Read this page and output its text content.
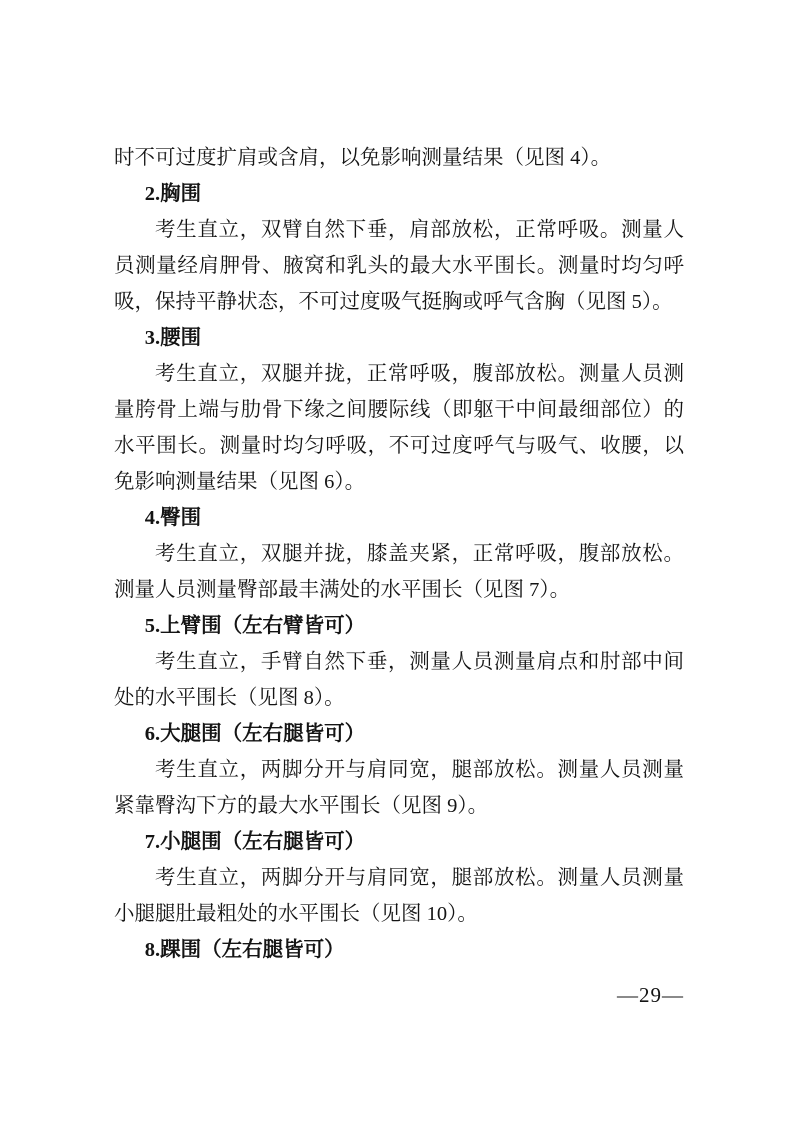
时不可过度扩肩或含肩，以免影响测量结果（见图 4）。

2.胸围

考生直立，双臂自然下垂，肩部放松，正常呼吸。测量人员测量经肩胛骨、腋窝和乳头的最大水平围长。测量时均匀呼吸，保持平静状态，不可过度吸气挺胸或呼气含胸（见图 5）。

3.腰围

考生直立，双腿并拢，正常呼吸，腹部放松。测量人员测量胯骨上端与肋骨下缘之间腰际线（即躯干中间最细部位）的水平围长。测量时均匀呼吸，不可过度呼气与吸气、收腰，以免影响测量结果（见图 6）。

4.臀围

考生直立，双腿并拢，膝盖夹紧，正常呼吸，腹部放松。测量人员测量臀部最丰满处的水平围长（见图 7）。

5.上臂围（左右臂皆可）

考生直立，手臂自然下垂，测量人员测量肩点和肘部中间处的水平围长（见图 8）。

6.大腿围（左右腿皆可）

考生直立，两脚分开与肩同宽，腿部放松。测量人员测量紧靠臀沟下方的最大水平围长（见图 9）。

7.小腿围（左右腿皆可）

考生直立，两脚分开与肩同宽，腿部放松。测量人员测量小腿腿肚最粗处的水平围长（见图 10）。

8.踝围（左右腿皆可）
—29—
